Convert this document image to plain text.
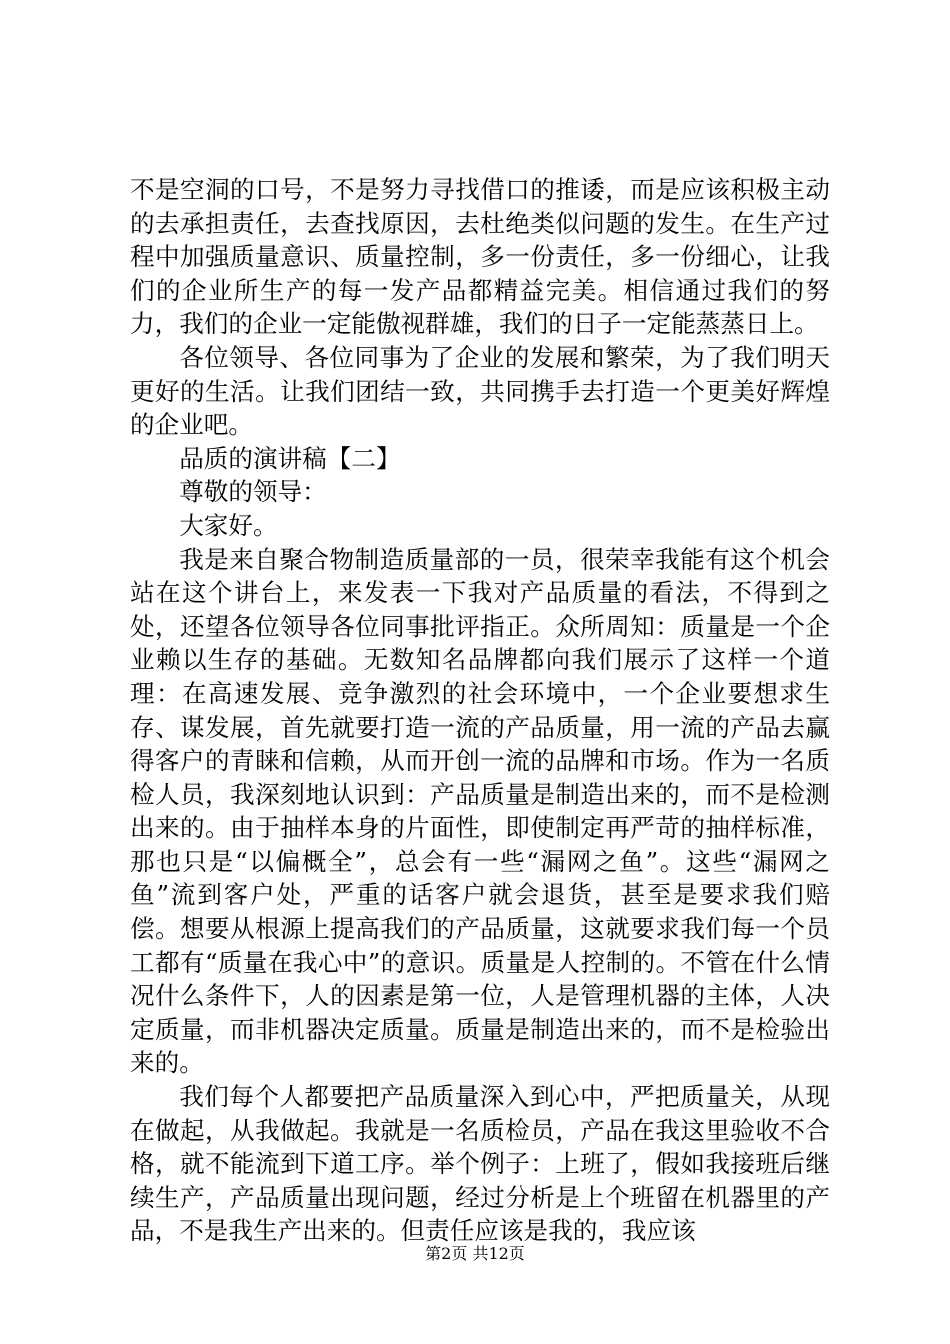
不是空洞的口号，不是努力寻找借口的推诿，而是应该积极主动的去承担责任，去查找原因，去杜绝类似问题的发生。在生产过程中加强质量意识、质量控制，多一份责任，多一份细心，让我们的企业所生产的每一发产品都精益完美。相信通过我们的努力，我们的企业一定能傲视群雄，我们的日子一定能蒸蒸日上。

各位领导、各位同事为了企业的发展和繁荣，为了我们明天更好的生活。让我们团结一致，共同携手去打造一个更美好辉煌的企业吧。

品质的演讲稿【二】

尊敬的领导：

大家好。

我是来自聚合物制造质量部的一员，很荣幸我能有这个机会站在这个讲台上，来发表一下我对产品质量的看法，不得到之处，还望各位领导各位同事批评指正。众所周知：质量是一个企业赖以生存的基础。无数知名品牌都向我们展示了这样一个道理：在高速发展、竞争激烈的社会环境中，一个企业要想求生存、谋发展，首先就要打造一流的产品质量，用一流的产品去赢得客户的青睐和信赖，从而开创一流的品牌和市场。作为一名质检人员，我深刻地认识到：产品质量是制造出来的，而不是检测出来的。由于抽样本身的片面性，即使制定再严苛的抽样标准，那也只是“以偏概全”，总会有一些“漏网之鱼”。这些“漏网之鱼”流到客户处，严重的话客户就会退货，甚至是要求我们赔偿。想要从根源上提高我们的产品质量，这就要求我们每一个员工都有“质量在我心中”的意识。质量是人控制的。不管在什么情况什么条件下，人的因素是第一位，人是管理机器的主体，人决定质量，而非机器决定质量。质量是制造出来的，而不是检验出来的。

我们每个人都要把产品质量深入到心中，严把质量关，从现在做起，从我做起。我就是一名质检员，产品在我这里验收不合格，就不能流到下道工序。举个例子：上班了，假如我接班后继续生产，产品质量出现问题，经过分析是上个班留在机器里的产品，不是我生产出来的。但责任应该是我的，我应该

第2页 共12页
